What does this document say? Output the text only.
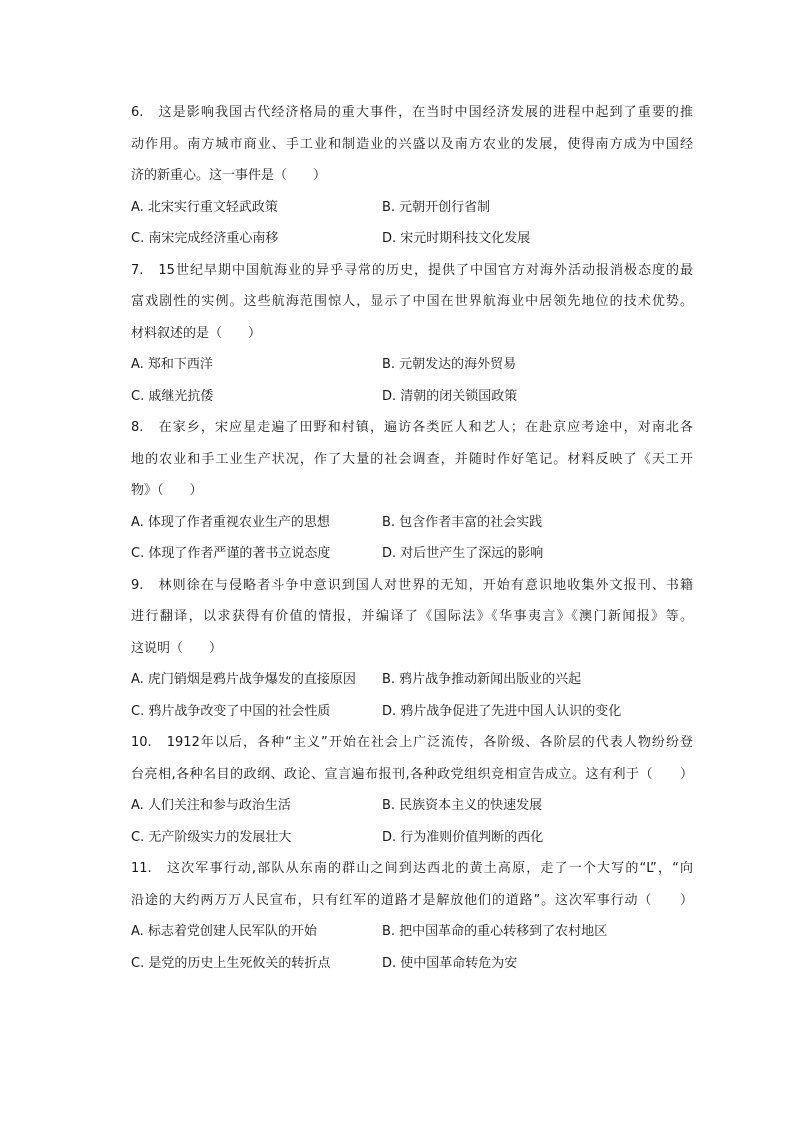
6.　这是影响我国古代经济格局的重大事件，在当时中国经济发展的进程中起到了重要的推
动作用。南方城市商业、手工业和制造业的兴盛以及南方农业的发展，使得南方成为中国经
济的新重心。这一事件是（　　）
A. 北宋实行重文轻武政策	B. 元朝开创行省制
C. 南宋完成经济重心南移	D. 宋元时期科技文化发展
7.　15世纪早期中国航海业的异乎寻常的历史，提供了中国官方对海外活动报消极态度的最
富戏剧性的实例。这些航海范围惊人，显示了中国在世界航海业中居领先地位的技术优势。
材料叙述的是（　　）
A. 郑和下西洋	B. 元朝发达的海外贸易
C. 戚继光抗倭	D. 清朝的闭关锁国政策
8.　在家乡，宋应星走遍了田野和村镇，遍访各类匠人和艺人；在赴京应考途中，对南北各
地的农业和手工业生产状况，作了大量的社会调查，并随时作好笔记。材料反映了《天工开
物》（　　）
A. 体现了作者重视农业生产的思想	B. 包含作者丰富的社会实践
C. 体现了作者严谨的著书立说态度	D. 对后世产生了深远的影响
9.　林则徐在与侵略者斗争中意识到国人对世界的无知，开始有意识地收集外文报刊、书籍
进行翻译，以求获得有价值的情报，并编译了《国际法》《华事夷言》《澳门新闻报》等。
这说明（　　）
A. 虎门销烟是鸦片战争爆发的直接原因	B. 鸦片战争推动新闻出版业的兴起
C. 鸦片战争改变了中国的社会性质	D. 鸦片战争促进了先进中国人认识的变化
10.　1912年以后，各种“主义”开始在社会上广泛流传，各阶级、各阶层的代表人物纷纷登
台亮相,各种名目的政纲、政论、宣言遍布报刊,各种政党组织竞相宣告成立。这有利于（　　）
A. 人们关注和参与政治生活	B. 民族资本主义的快速发展
C. 无产阶级实力的发展壮大	D. 行为准则价值判断的西化
11.　这次军事行动,部队从东南的群山之间到达西北的黄土高原，走了一个大写的“L”，“向
沿途的大约两万万人民宣布，只有红军的道路才是解放他们的道路”。这次军事行动（　　）
A. 标志着党创建人民军队的开始	B. 把中国革命的重心转移到了农村地区
C. 是党的历史上生死攸关的转折点	D. 使中国革命转危为安
